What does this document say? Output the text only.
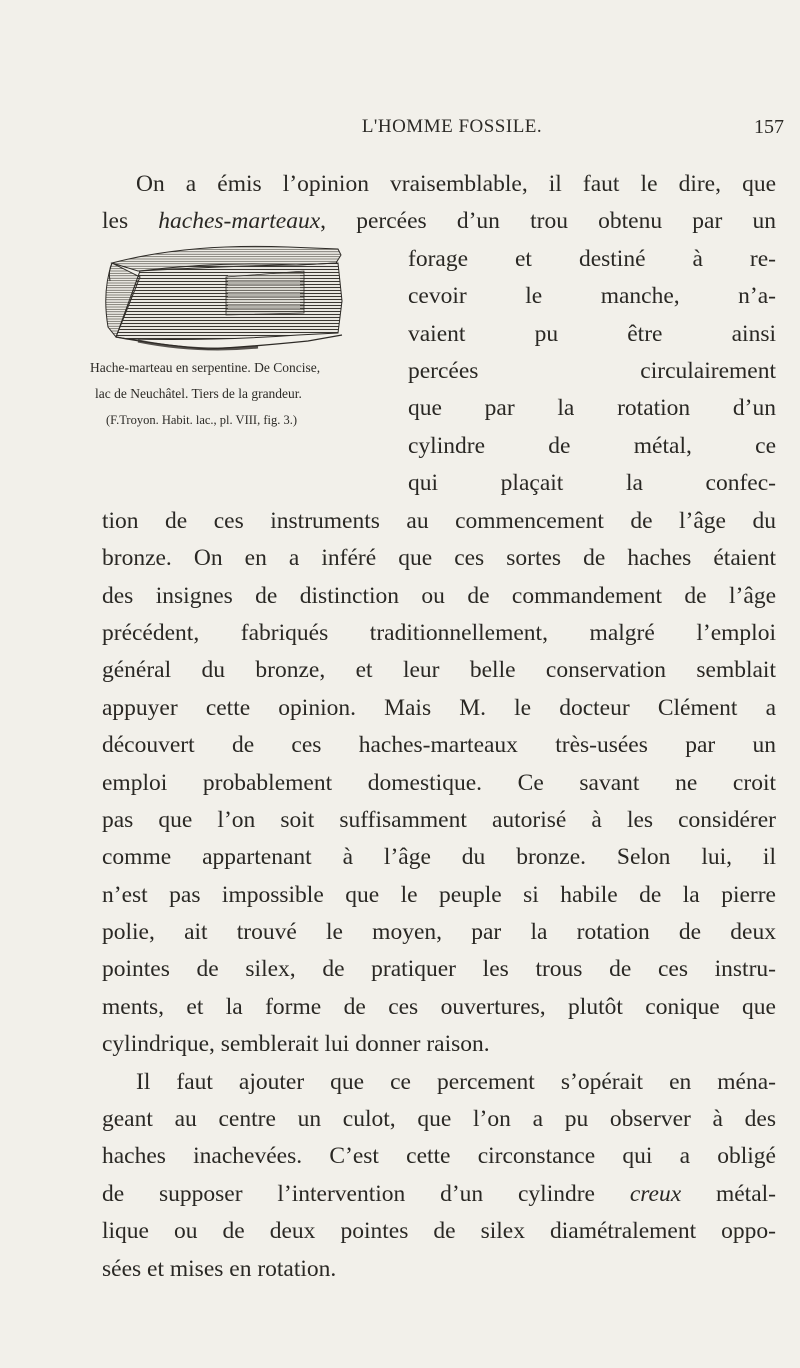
L'HOMME FOSSILE.	157
On a émis l’opinion vraisemblable, il faut le dire, que
les haches-marteaux, percées d’un trou obtenu par un
Hache-marteau en serpentine. De Concise,
lac de Neuchâtel. Tiers de la grandeur.
(F.Troyon. Habit. lac., pl. VIII, fig. 3.)
forage et destiné à re-
cevoir le manche, n’a-
vaient pu être ainsi
percées circulairement
que par la rotation d’un
cylindre de métal, ce
qui plaçait la confec-
tion de ces instruments au commencement de l’âge du
bronze. On en a inféré que ces sortes de haches étaient
des insignes de distinction ou de commandement de l’âge
précédent, fabriqués traditionnellement, malgré l’emploi
général du bronze, et leur belle conservation semblait
appuyer cette opinion. Mais M. le docteur Clément a
découvert de ces haches-marteaux très-usées par un
emploi probablement domestique. Ce savant ne croit
pas que l’on soit suffisamment autorisé à les considérer
comme appartenant à l’âge du bronze. Selon lui, il
n’est pas impossible que le peuple si habile de la pierre
polie, ait trouvé le moyen, par la rotation de deux
pointes de silex, de pratiquer les trous de ces instru-
ments, et la forme de ces ouvertures, plutôt conique que
cylindrique, semblerait lui donner raison.
Il faut ajouter que ce percement s’opérait en ména-
geant au centre un culot, que l’on a pu observer à des
haches inachevées. C’est cette circonstance qui a obligé
de supposer l’intervention d’un cylindre creux métal-
lique ou de deux pointes de silex diamétralement oppo-
sées et mises en rotation.
